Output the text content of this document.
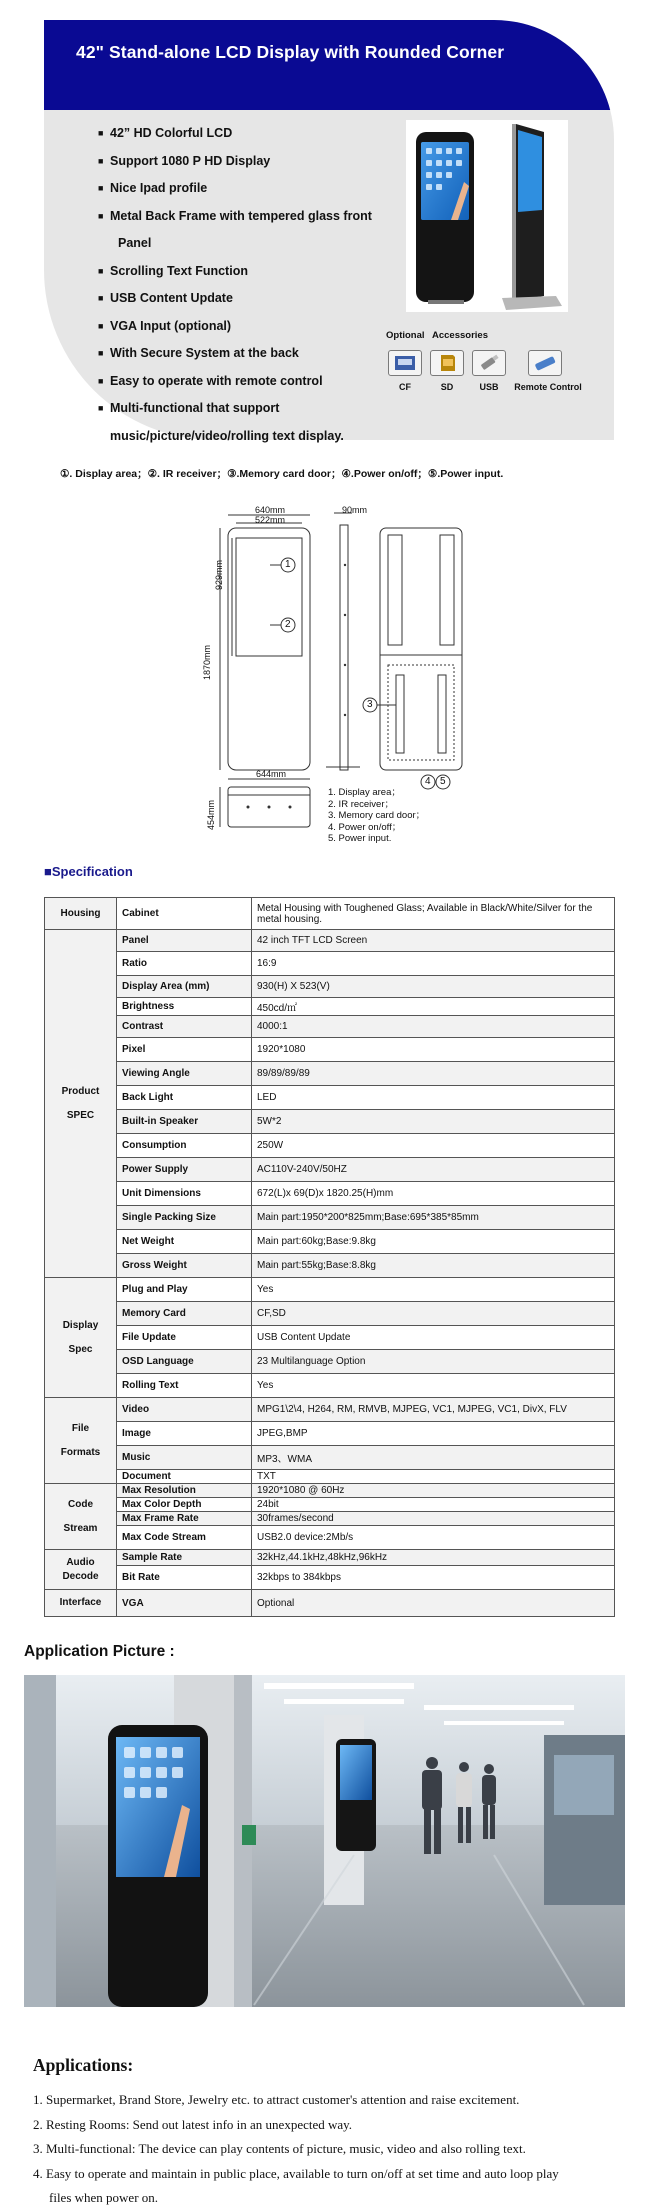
42" Stand-alone LCD Display with Rounded Corner
■ 42” HD Colorful LCD
■ Support 1080 P HD Display
■ Nice Ipad profile
■ Metal Back Frame with tempered glass front
Panel
■ Scrolling Text Function
■ USB Content Update
■ VGA Input (optional)
■ With Secure System at the back
■ Easy to operate with remote control
■ Multi-functional that support
music/picture/video/rolling text display.
Optional Accessories
CF	SD	USB	Remote Control
①. Display area；②. IR receiver；③.Memory card door；④.Power on/off；⑤.Power input.
640mm
522mm
90mm
929mm
1870mm
644mm
454mm
1
2
3
4 5
1. Display area；
2. IR receiver；
3. Memory card door；
4. Power on/off；
5. Power input.
■Specification
Housing	Cabinet	Metal Housing with Toughened Glass; Available in Black/White/Silver for the metal housing.

Product
SPEC	Panel	42 inch TFT LCD Screen
	Ratio	16:9
	Display Area (mm)	930(H) X 523(V)
	Brightness	450cd/㎡
	Contrast	4000:1
	Pixel	1920*1080
	Viewing Angle	89/89/89/89
	Back Light	LED
	Built-in Speaker	5W*2
	Consumption	250W
	Power Supply	AC110V-240V/50HZ
	Unit Dimensions	672(L)x 69(D)x 1820.25(H)mm
	Single Packing Size	Main part:1950*200*825mm;Base:695*385*85mm
	Net Weight	Main part:60kg;Base:9.8kg
	Gross Weight	Main part:55kg;Base:8.8kg

Display
Spec	Plug and Play	Yes
	Memory Card	CF,SD
	File Update	USB Content Update
	OSD Language	23 Multilanguage Option
	Rolling Text	Yes

File
Formats	Video	MPG1\2\4, H264, RM, RMVB, MJPEG, VC1, MJPEG, VC1, DivX, FLV
	Image	JPEG,BMP
	Music	MP3、WMA
	Document	TXT

Code
Stream	Max Resolution	1920*1080 @ 60Hz
	Max Color Depth	24bit
	Max Frame Rate	30frames/second
	Max Code Stream	USB2.0 device:2Mb/s

Audio
Decode	Sample Rate	32kHz,44.1kHz,48kHz,96kHz
	Bit Rate	32kbps to 384kbps
Interface	VGA	Optional
Application Picture :
Applications:

1. Supermarket, Brand Store, Jewelry etc. to attract customer's attention and raise excitement.

2. Resting Rooms: Send out latest info in an unexpected way.

3. Multi-functional: The device can play contents of picture, music, video and also rolling text.

4. Easy to operate and maintain in public place, available to turn on/off at set time and auto loop play

files when power on.
